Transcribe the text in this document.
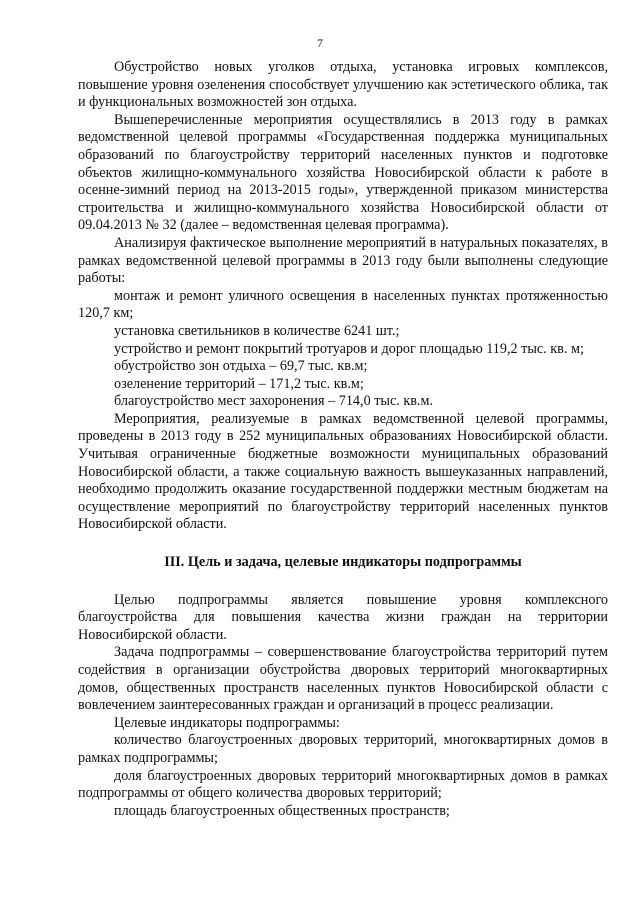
7

Обустройство новых уголков отдыха, установка игровых комплексов, повышение уровня озеленения способствует улучшению как эстетического облика, так и функциональных возможностей зон отдыха.

Вышеперечисленные мероприятия осуществлялись в 2013 году в рамках ведомственной целевой программы «Государственная поддержка муниципальных образований по благоустройству территорий населенных пунктов и подготовке объектов жилищно-коммунального хозяйства Новосибирской области к работе в осенне-зимний период на 2013-2015 годы», утвержденной приказом министерства строительства и жилищно-коммунального хозяйства Новосибирской области от 09.04.2013 № 32 (далее – ведомственная целевая программа).

Анализируя фактическое выполнение мероприятий в натуральных показателях, в рамках ведомственной целевой программы в 2013 году были выполнены следующие работы:

монтаж и ремонт уличного освещения в населенных пунктах протяженностью 120,7 км;

установка светильников в количестве 6241 шт.;

устройство и ремонт покрытий тротуаров и дорог площадью 119,2 тыс. кв. м;

обустройство зон отдыха – 69,7 тыс. кв.м;

озеленение территорий – 171,2 тыс. кв.м;

благоустройство мест захоронения – 714,0 тыс. кв.м.

Мероприятия, реализуемые в рамках ведомственной целевой программы, проведены в 2013 году в 252 муниципальных образованиях Новосибирской области. Учитывая ограниченные бюджетные возможности муниципальных образований Новосибирской области, а также социальную важность вышеуказанных направлений, необходимо продолжить оказание государственной поддержки местным бюджетам на осуществление мероприятий по благоустройству территорий населенных пунктов Новосибирской области.

III. Цель и задача, целевые индикаторы подпрограммы

Целью подпрограммы является повышение уровня комплексного благоустройства для повышения качества жизни граждан на территории Новосибирской области.

Задача подпрограммы – совершенствование благоустройства территорий путем содействия в организации обустройства дворовых территорий многоквартирных домов, общественных пространств населенных пунктов Новосибирской области с вовлечением заинтересованных граждан и организаций в процесс реализации.

Целевые индикаторы подпрограммы:

количество благоустроенных дворовых территорий, многоквартирных домов в рамках подпрограммы;

доля благоустроенных дворовых территорий многоквартирных домов в рамках подпрограммы от общего количества дворовых территорий;

площадь благоустроенных общественных пространств;
